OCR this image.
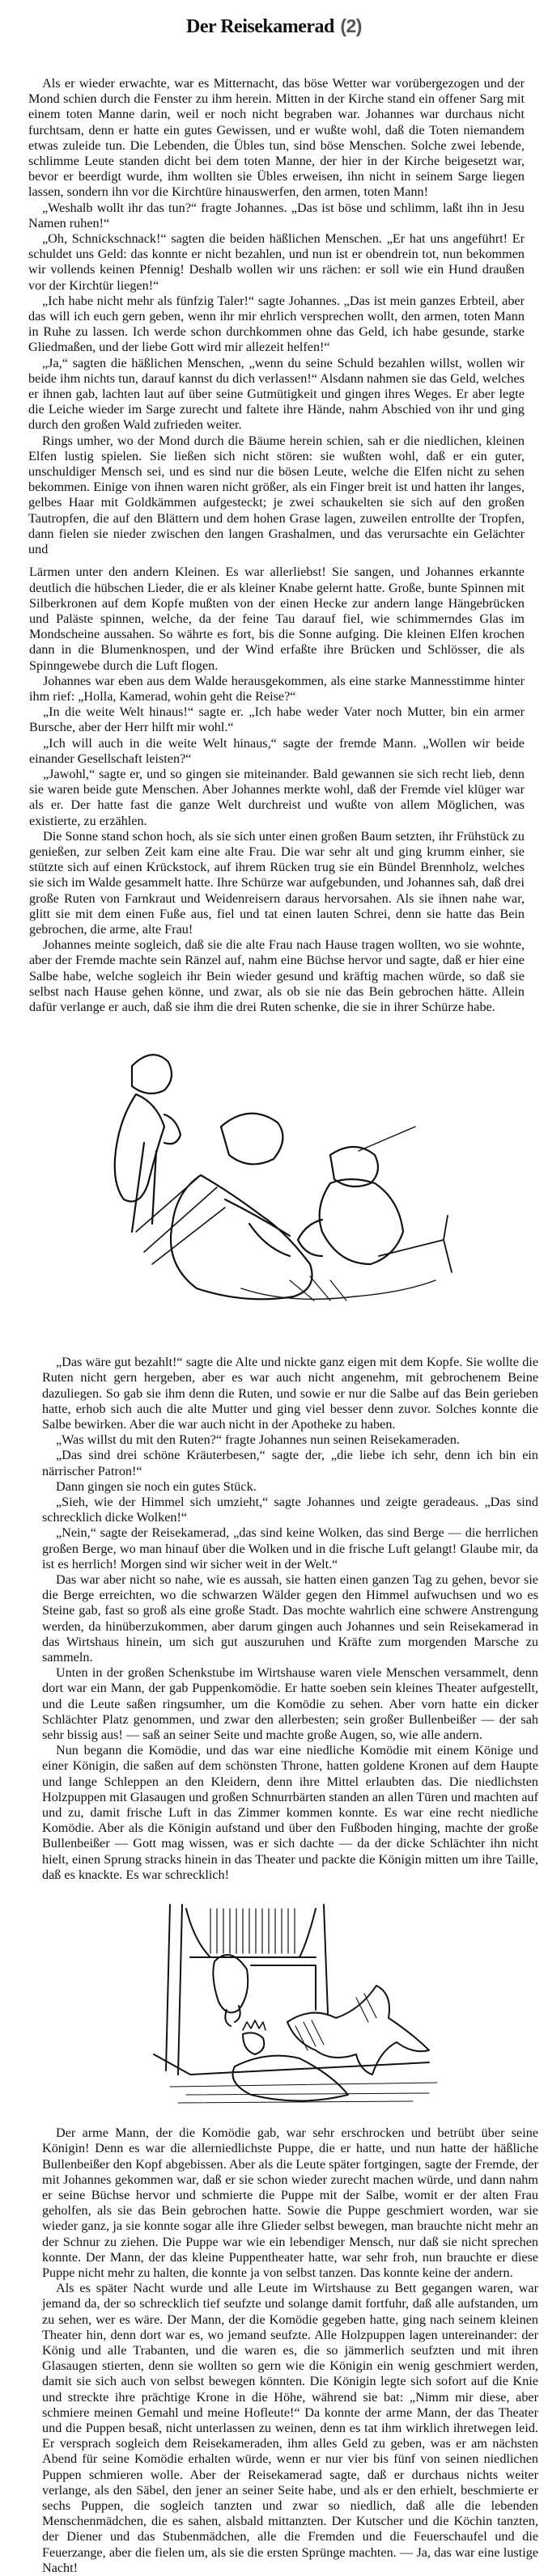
Der Reisekamerad (2)

Als er wieder erwachte, war es Mitternacht, das böse Wetter war vorübergezogen und der Mond schien durch die Fenster zu ihm herein. Mitten in der Kirche stand ein offener Sarg mit einem toten Manne darin, weil er noch nicht begraben war. Johannes war durchaus nicht furchtsam, denn er hatte ein gutes Gewissen, und er wußte wohl, daß die Toten niemandem etwas zuleide tun. Die Lebenden, die Übles tun, sind böse Menschen. Solche zwei lebende, schlimme Leute standen dicht bei dem toten Manne, der hier in der Kirche beigesetzt war, bevor er beerdigt wurde, ihm wollten sie Übles erweisen, ihn nicht in seinem Sarge liegen lassen, sondern ihn vor die Kirchtüre hinauswerfen, den armen, toten Mann!

„Weshalb wollt ihr das tun?“ fragte Johannes. „Das ist böse und schlimm, laßt ihn in Jesu Namen ruhen!“

„Oh, Schnickschnack!“ sagten die beiden häßlichen Menschen. „Er hat uns angeführt! Er schuldet uns Geld: das konnte er nicht bezahlen, und nun ist er obendrein tot, nun bekommen wir vollends keinen Pfennig! Deshalb wollen wir uns rächen: er soll wie ein Hund draußen vor der Kirchtür liegen!“

„Ich habe nicht mehr als fünfzig Taler!“ sagte Johannes. „Das ist mein ganzes Erbteil, aber das will ich euch gern geben, wenn ihr mir ehrlich versprechen wollt, den armen, toten Mann in Ruhe zu lassen. Ich werde schon durchkommen ohne das Geld, ich habe gesunde, starke Gliedmaßen, und der liebe Gott wird mir allezeit helfen!“

„Ja,“ sagten die häßlichen Menschen, „wenn du seine Schuld bezahlen willst, wollen wir beide ihm nichts tun, darauf kannst du dich verlassen!“ Alsdann nahmen sie das Geld, welches er ihnen gab, lachten laut auf über seine Gutmütigkeit und gingen ihres Weges. Er aber legte die Leiche wieder im Sarge zurecht und faltete ihre Hände, nahm Abschied von ihr und ging durch den großen Wald zufrieden weiter.

Rings umher, wo der Mond durch die Bäume herein schien, sah er die niedlichen, kleinen Elfen lustig spielen. Sie ließen sich nicht stören: sie wußten wohl, daß er ein guter, unschuldiger Mensch sei, und es sind nur die bösen Leute, welche die Elfen nicht zu sehen bekommen. Einige von ihnen waren nicht größer, als ein Finger breit ist und hatten ihr langes, gelbes Haar mit Goldkämmen aufgesteckt; je zwei schaukelten sie sich auf den großen Tautropfen, die auf den Blättern und dem hohen Grase lagen, zuweilen entrollte der Tropfen, dann fielen sie nieder zwischen den langen Grashalmen, und das verursachte ein Gelächter und

Lärmen unter den andern Kleinen. Es war allerliebst! Sie sangen, und Johannes erkannte deutlich die hübschen Lieder, die er als kleiner Knabe gelernt hatte. Große, bunte Spinnen mit Silberkronen auf dem Kopfe mußten von der einen Hecke zur andern lange Hängebrücken und Paläste spinnen, welche, da der feine Tau darauf fiel, wie schimmerndes Glas im Mondscheine aussahen. So währte es fort, bis die Sonne aufging. Die kleinen Elfen krochen dann in die Blumenknospen, und der Wind erfaßte ihre Brücken und Schlösser, die als Spinngewebe durch die Luft flogen.

Johannes war eben aus dem Walde herausgekommen, als eine starke Mannesstimme hinter ihm rief: „Holla, Kamerad, wohin geht die Reise?“

„In die weite Welt hinaus!“ sagte er. „Ich habe weder Vater noch Mutter, bin ein armer Bursche, aber der Herr hilft mir wohl.“

„Ich will auch in die weite Welt hinaus,“ sagte der fremde Mann. „Wollen wir beide einander Gesellschaft leisten?“

„Jawohl,“ sagte er, und so gingen sie miteinander. Bald gewannen sie sich recht lieb, denn sie waren beide gute Menschen. Aber Johannes merkte wohl, daß der Fremde viel klüger war als er. Der hatte fast die ganze Welt durchreist und wußte von allem Möglichen, was existierte, zu erzählen.

Die Sonne stand schon hoch, als sie sich unter einen großen Baum setzten, ihr Frühstück zu genießen, zur selben Zeit kam eine alte Frau. Die war sehr alt und ging krumm einher, sie stützte sich auf einen Krückstock, auf ihrem Rücken trug sie ein Bündel Brennholz, welches sie sich im Walde gesammelt hatte. Ihre Schürze war aufgebunden, und Johannes sah, daß drei große Ruten von Farnkraut und Weidenreisern daraus hervorsahen. Als sie ihnen nahe war, glitt sie mit dem einen Fuße aus, fiel und tat einen lauten Schrei, denn sie hatte das Bein gebrochen, die arme, alte Frau!

Johannes meinte sogleich, daß sie die alte Frau nach Hause tragen wollten, wo sie wohnte, aber der Fremde machte sein Ränzel auf, nahm eine Büchse hervor und sagte, daß er hier eine Salbe habe, welche sogleich ihr Bein wieder gesund und kräftig machen würde, so daß sie selbst nach Hause gehen könne, und zwar, als ob sie nie das Bein gebrochen hätte. Allein dafür verlange er auch, daß sie ihm die drei Ruten schenke, die sie in ihrer Schürze habe.

„Das wäre gut bezahlt!“ sagte die Alte und nickte ganz eigen mit dem Kopfe. Sie wollte die Ruten nicht gern hergeben, aber es war auch nicht angenehm, mit gebrochenem Beine dazuliegen. So gab sie ihm denn die Ruten, und sowie er nur die Salbe auf das Bein gerieben hatte, erhob sich auch die alte Mutter und ging viel besser denn zuvor. Solches konnte die Salbe bewirken. Aber die war auch nicht in der Apotheke zu haben.

„Was willst du mit den Ruten?“ fragte Johannes nun seinen Reisekameraden.

„Das sind drei schöne Kräuterbesen,“ sagte der, „die liebe ich sehr, denn ich bin ein närrischer Patron!“

Dann gingen sie noch ein gutes Stück.

„Sieh, wie der Himmel sich umzieht,“ sagte Johannes und zeigte geradeaus. „Das sind schrecklich dicke Wolken!“

„Nein,“ sagte der Reisekamerad, „das sind keine Wolken, das sind Berge — die herrlichen großen Berge, wo man hinauf über die Wolken und in die frische Luft gelangt! Glaube mir, da ist es herrlich! Morgen sind wir sicher weit in der Welt.“

Das war aber nicht so nahe, wie es aussah, sie hatten einen ganzen Tag zu gehen, bevor sie die Berge erreichten, wo die schwarzen Wälder gegen den Himmel aufwuchsen und wo es Steine gab, fast so groß als eine große Stadt. Das mochte wahrlich eine schwere Anstrengung werden, da hinüberzukommen, aber darum gingen auch Johannes und sein Reisekamerad in das Wirtshaus hinein, um sich gut auszuruhen und Kräfte zum morgenden Marsche zu sammeln.

Unten in der großen Schenkstube im Wirtshause waren viele Menschen versammelt, denn dort war ein Mann, der gab Puppenkomödie. Er hatte soeben sein kleines Theater aufgestellt, und die Leute saßen ringsumher, um die Komödie zu sehen. Aber vorn hatte ein dicker Schlächter Platz genommen, und zwar den allerbesten; sein großer Bullenbeißer — der sah sehr bissig aus! — saß an seiner Seite und machte große Augen, so, wie alle andern.

Nun begann die Komödie, und das war eine niedliche Komödie mit einem Könige und einer Königin, die saßen auf dem schönsten Throne, hatten goldene Kronen auf dem Haupte und lange Schleppen an den Kleidern, denn ihre Mittel erlaubten das. Die niedlichsten Holzpuppen mit Glasaugen und großen Schnurrbärten standen an allen Türen und machten auf und zu, damit frische Luft in das Zimmer kommen konnte. Es war eine recht niedliche Komödie. Aber als die Königin aufstand und über den Fußboden hinging, machte der große Bullenbeißer — Gott mag wissen, was er sich dachte — da der dicke Schlächter ihn nicht hielt, einen Sprung stracks hinein in das Theater und packte die Königin mitten um ihre Taille, daß es knackte. Es war schrecklich!

Der arme Mann, der die Komödie gab, war sehr erschrocken und betrübt über seine Königin! Denn es war die allerniedlichste Puppe, die er hatte, und nun hatte der häßliche Bullenbeißer den Kopf abgebissen. Aber als die Leute später fortgingen, sagte der Fremde, der mit Johannes gekommen war, daß er sie schon wieder zurecht machen würde, und dann nahm er seine Büchse hervor und schmierte die Puppe mit der Salbe, womit er der alten Frau geholfen, als sie das Bein gebrochen hatte. Sowie die Puppe geschmiert worden, war sie wieder ganz, ja sie konnte sogar alle ihre Glieder selbst bewegen, man brauchte nicht mehr an der Schnur zu ziehen. Die Puppe war wie ein lebendiger Mensch, nur daß sie nicht sprechen konnte. Der Mann, der das kleine Puppentheater hatte, war sehr froh, nun brauchte er diese Puppe nicht mehr zu halten, die konnte ja von selbst tanzen. Das konnte keine der andern.

Als es später Nacht wurde und alle Leute im Wirtshause zu Bett gegangen waren, war jemand da, der so schrecklich tief seufzte und solange damit fortfuhr, daß alle aufstanden, um zu sehen, wer es wäre. Der Mann, der die Komödie gegeben hatte, ging nach seinem kleinen Theater hin, denn dort war es, wo jemand seufzte. Alle Holzpuppen lagen untereinander: der König und alle Trabanten, und die waren es, die so jämmerlich seufzten und mit ihren Glasaugen stierten, denn sie wollten so gern wie die Königin ein wenig geschmiert werden, damit sie sich auch von selbst bewegen könnten. Die Königin legte sich sofort auf die Knie und streckte ihre prächtige Krone in die Höhe, während sie bat: „Nimm mir diese, aber schmiere meinen Gemahl und meine Hofleute!“ Da konnte der arme Mann, der das Theater und die Puppen besaß, nicht unterlassen zu weinen, denn es tat ihm wirklich ihretwegen leid. Er versprach sogleich dem Reisekameraden, ihm alles Geld zu geben, was er am nächsten Abend für seine Komödie erhalten würde, wenn er nur vier bis fünf von seinen niedlichen Puppen schmieren wolle. Aber der Reisekamerad sagte, daß er durchaus nichts weiter verlange, als den Säbel, den jener an seiner Seite habe, und als er den erhielt, beschmierte er sechs Puppen, die sogleich tanzten und zwar so niedlich, daß alle die lebenden Menschenmädchen, die es sahen, alsbald mittanzten. Der Kutscher und die Köchin tanzten, der Diener und das Stubenmädchen, alle die Fremden und die Feuerschaufel und die Feuerzange, aber die fielen um, als sie die ersten Sprünge machten. — Ja, das war eine lustige Nacht!
